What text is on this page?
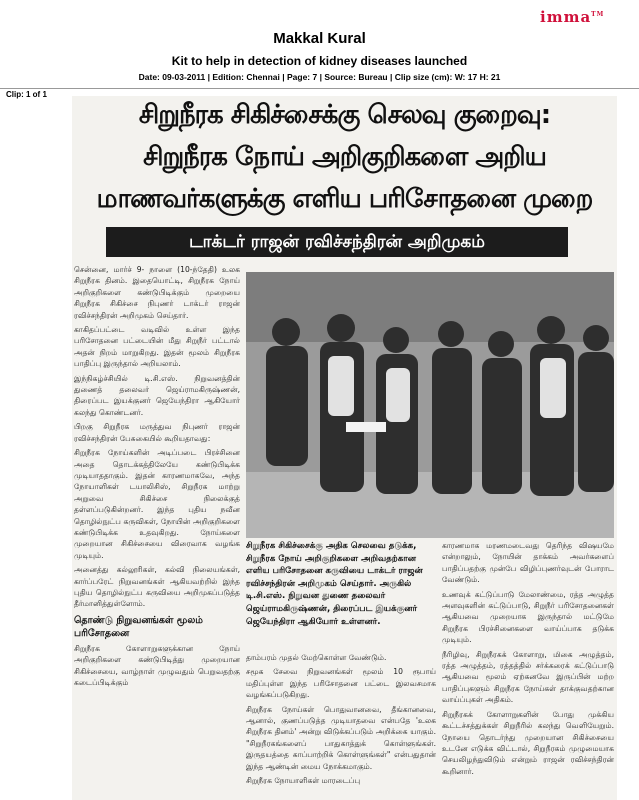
imma™
Makkal Kural
Kit to help in detection of kidney diseases launched
Date: 09-03-2011 | Edition: Chennai | Page: 7 | Source: Bureau | Clip size (cm): W: 17 H: 21
Clip: 1 of 1
சிறுநீரக சிகிச்சைக்கு செலவு குறைவு:
சிறுநீரக நோய் அறிகுறிகளை அறிய
மாணவர்களுக்கு எளிய பரிசோதனை முறை
டாக்டர் ராஜன் ரவிச்சந்திரன் அறிமுகம்

சென்னை, மார்ச் 9- நாளை (10-ந்தேதி) உலக சிறுநீரக தினம். இதையொட்டி, சிறுநீரக நோய் அறிகுறிகளை கண்டுபிடிக்கும் முறையை சிறுநீரக சிகிச்சை நிபுணர் டாக்டர் ராஜன் ரவிச்சந்திரன் அறிமுகம் செய்தார்.

காகிதப்பட்டை வடிவில் உள்ள இந்த பரிசோதனை பட்டையின் மீது சிறுநீர் பட்டால் அதன் நிறம் மாறுகிறது. இதன் மூலம் சிறுநீரக பாதிப்பு இருந்தால் அறியலாம்.

இந்நிகழ்ச்சியில் டி.சி.எஸ். நிறுவனத்தின் துணைத் தலைவர் ஜெய்ராமகிருஷ்ணன், திரைப்பட இயக்குனர் ஜெயேந்திரா ஆகியோர் கலந்து கொண்டனர்.

பிறகு சிறுநீரக மருத்துவ நிபுணர் ராஜன் ரவிச்சந்திரன் பேசுகையில் கூறியதாவது:

சிறுநீரக நோய்களின் அடிப்படை பிரச்சினை அதை தொடக்கத்திலேயே கண்டுபிடிக்க முடியாததாகும். இதன் காரணமாகவே, அந்த நோயாளிகள் டயாலிசிஸ், சிறுநீரக மாற்று அறுவை சிகிச்சை நிலைக்குத் தள்ளப்படுகின்றனர். இந்த புதிய நவீன தொழில்நுட்ப கருவிகள், நோயின் அறிகுறிகளை கண்டுபிடிக்க உதவுகிறது. நோய்களை முறையான சிகிச்சையை விரைவாக வழங்க முடியும்.

அனைத்து கல்லூரிகள், கல்வி நிலையங்கள், கார்ப்பரேட் நிறுவனங்கள் ஆகியவற்றில் இந்த புதிய தொழில்நுட்ப கருவியை அறிமுகப்படுத்த தீர்மானித்துள்ளோம்.

தொண்டு நிறுவனங்கள் மூலம் பரிசோதனை

சிறுநீரக கோளாறுகளுக்கான நோய் அறிகுறிகளை கண்டுபிடித்து முறையான சிகிச்சையை, வாழ்நாள் முழுவதும் பெறுவதற்கு கடைப்பிடிக்கும்

சிறுநீரக சிகிச்சைக்கு அதிக செலவை தடுக்க, சிறுநீரக நோய் அறிகுறிகளை அறிவதற்கான எளிய பரிசோதனை கருவியை டாக்டர் ராஜன் ரவிச்சந்திரன் அறிமுகம் செய்தார். அருகில் டி.சி.எஸ். நிறுவன துணை தலைவர் ஜெய்ராமகிருஷ்ணன், திரைப்பட இயக்குனர் ஜெயேந்திரா ஆகியோர் உள்ளனர்.

தாம்பரம் முதல் மேற்கொள்ள வேண்டும்.

சமூக சேவை நிறுவனங்கள் மூலம் 10 ரூபாய் மதிப்புள்ள இந்த பரிசோதனை பட்டை இலவசமாக வழங்கப்படுகிறது.

சிறுநீரக நோய்கள் பொதுவானவை, தீங்கானவை, ஆனால், குணப்படுத்த முடியாதவை என்பதே 'உலக சிறுநீரக தினம்' அன்று விடுக்கப்படும் அறிக்கை யாகும். "சிறுநீரகங்களைப் பாதுகாத்துக் கொள்ளுங்கள். இருதயத்தை காப்பாற்றிக் கொள்ளுங்கள்" என்பதுதான் இந்த ஆண்டின் மைய நோக்கமாகும்.

சிறுநீரக நோயாளிகள் மாரடைப்பு

காரணமாக மரணமடைவது தெரிந்த விஷயமே என்றாலும், நோயின் தாக்கம் அவர்களைப் பாதிப்பதற்கு முன்பே விழிப்புணர்வுடன் போராட வேண்டும்.

உணவுக் கட்டுப்பாடு மேலாண்மை, ரத்த அழுத்த அளவுகளின் கட்டுப்பாடு, சிறுநீர் பரிசோதனைகள் ஆகியவை முறையாக இருந்தால் மட்டுமே சிறுநீரக பிரச்சினைகளை வாய்ப்பாக தடுக்க முடியும்.

நீரிழிவு, சிறுநீரகக் கோளாறு, மிகை அழுத்தம், ரத்த அழுத்தம், ரத்தத்தில் சர்க்கரைக் கட்டுப்பாடு ஆகியவை மூலம் ஏற்கனவே இருப்பின் மற்ற பாதிப்புகளும் சிறுநீரக நோய்கள் தாக்குவதற்கான வாய்ப்புகள் அதிகம்.

சிறுநீரகக் கோளாறுகளின் போது முக்கிய கூட்டச்சத்துக்கள் சிறுநீரில் கலந்து வெளியேறும். நோயை தொடர்ந்து முறையான சிகிச்சையை உடனே எடுக்க விட்டால், சிறுநீரகம் முழுமையாக செயலிழந்துவிடும் என்றும் ராஜன் ரவிச்சந்திரன் கூறினார்.
